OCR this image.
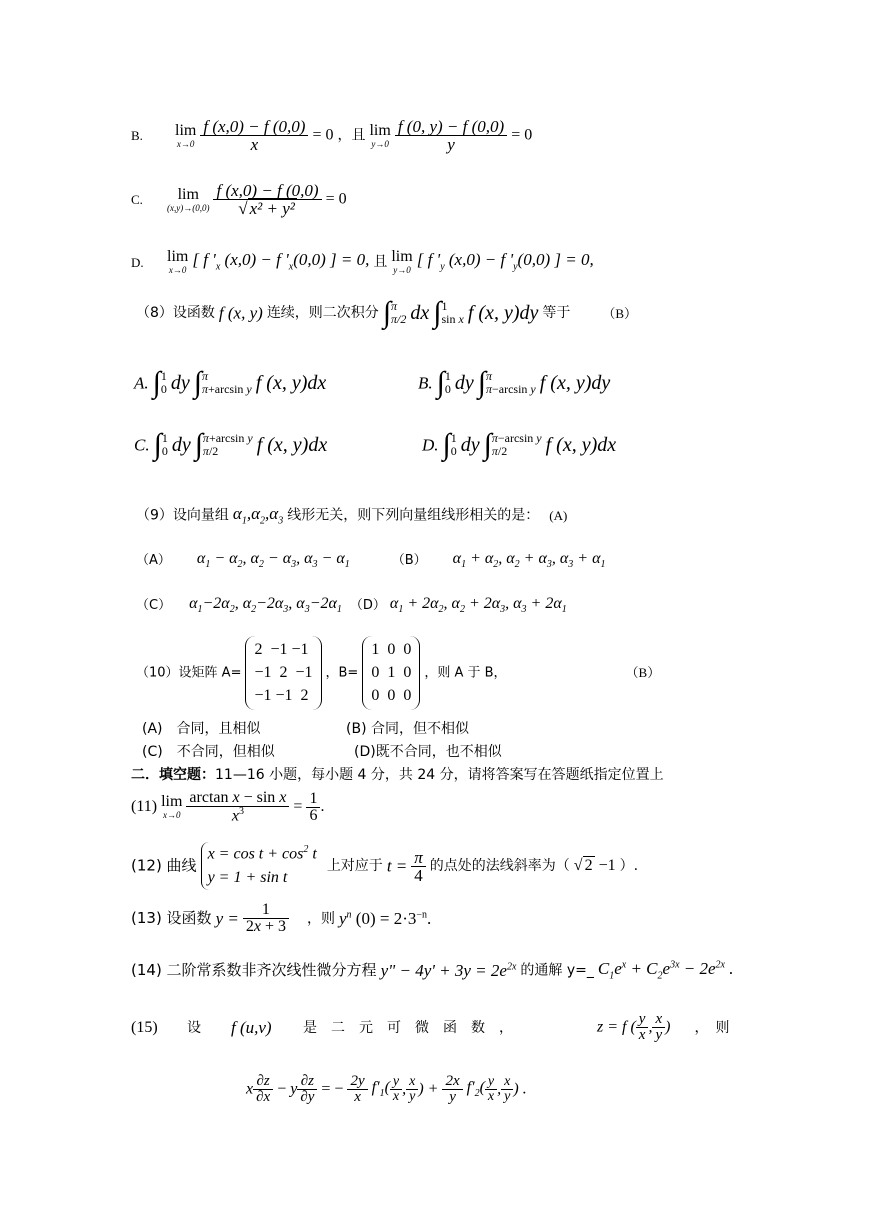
B. lim
x→0
$\frac{f (x,0) - f (0,0)}{x} = 0$ ，且 lim
y→0
$\frac{f (0, y) - f (0,0)}{y} = 0$
C. lim
(x,y)→(0,0)
$\frac{f (x,0) - f (0,0)}{\text{√ x² + y²}} = 0$
D. lim
x→0
[ f '$_x$ (x,0) − f '$_x(0,0)$ ] = 0, 且 lim
y→0
[ f '$_y$ (x,0) − f '$_y(0,0)$ ] = 0,
（8）设函数 f (x, y) 连续，则二次积分 ∫ π
π/2 dx ∫ 1
sin x f (x, y)dy 等于 （B）
A. ∫ 1
0 dy ∫ π
π+arcsin y f (x, y)dx	B. ∫ 1
0 dy ∫ π
π−arcsin y f (x, y)dy
C. ∫ 1
0 dy ∫ π+arcsin y
π/2	f (x, y)dx	D. ∫ 1
0 dy ∫ π−arcsin y
π/2	f (x, y)dx
（9）设向量组 $\alpha_1,\alpha_2,\alpha_3$ 线形无关，则下列向量组线形相关的是： (A)
（A） $\alpha_1 - \alpha_2$, $\alpha_2 - \alpha_3$, $\alpha_3 - \alpha_1$	（B） $\alpha_1 + \alpha_2$, $\alpha_2 + \alpha_3$, $\alpha_3 + \alpha_1$
（C） $\alpha_1-2\alpha_2$, $\alpha_2-2\alpha_3$, $\alpha_3-2\alpha_1$ （D） $\alpha_1 + 2\alpha_2$, $\alpha_2 + 2\alpha_3$, $\alpha_3 + 2\alpha_1$
（10）设矩阵 A= 2  −1 −1
−1  2  −1
−1 −1  2 ，B= 1  0  0
0  1  0
0  0  0 ，则 A 于 B，	（B）
(A)　合同，且相似	(B) 合同，但不相似
(C)　不合同，但相似	(D)既不合同，也不相似
二．填空题：11—16 小题，每小题 4 分，共 24 分，请将答案写在答题纸指定位置上
(11) lim
x→0
$\frac{\text{arctan x − sin x}}{x^3} = \frac{1}{6}$ .
(12) 曲线 $x = \cos t + \cos^2 t$
y = 1 + sin t 上对应于 $t = \frac{\pi}{4}$ 的点处的法线斜率为（ √ 2 −1 ）.
(13) 设函数 $y = \frac{1}{2x + 3}$ ，则 $y^n$ $(0) = 2\cdot 3^{-n}$.
(14) 二阶常系数非齐次线性微分方程 y" − $4y' + 3y = 2e^{2x}$ 的通解 y=_ $C_1e^x + C_2e^{3x} - 2e^{2x}$ .
(15) 设 f (u,v) 是　二　元　可　微　函　数　，	z = f ( $\frac{y}{x}$ , $\frac{x}{y}$ ) ，　则
x $\frac{\partial z}{\partial x} - y \frac{\partial z}{\partial y}$ = − $\frac{2y}{x} f'_1( \frac{y}{x}$ , $\frac{x}{y}$ ) + $\frac{2x}{y} f'_2( \frac{y}{x}$ , $\frac{x}{y}$ ) .
